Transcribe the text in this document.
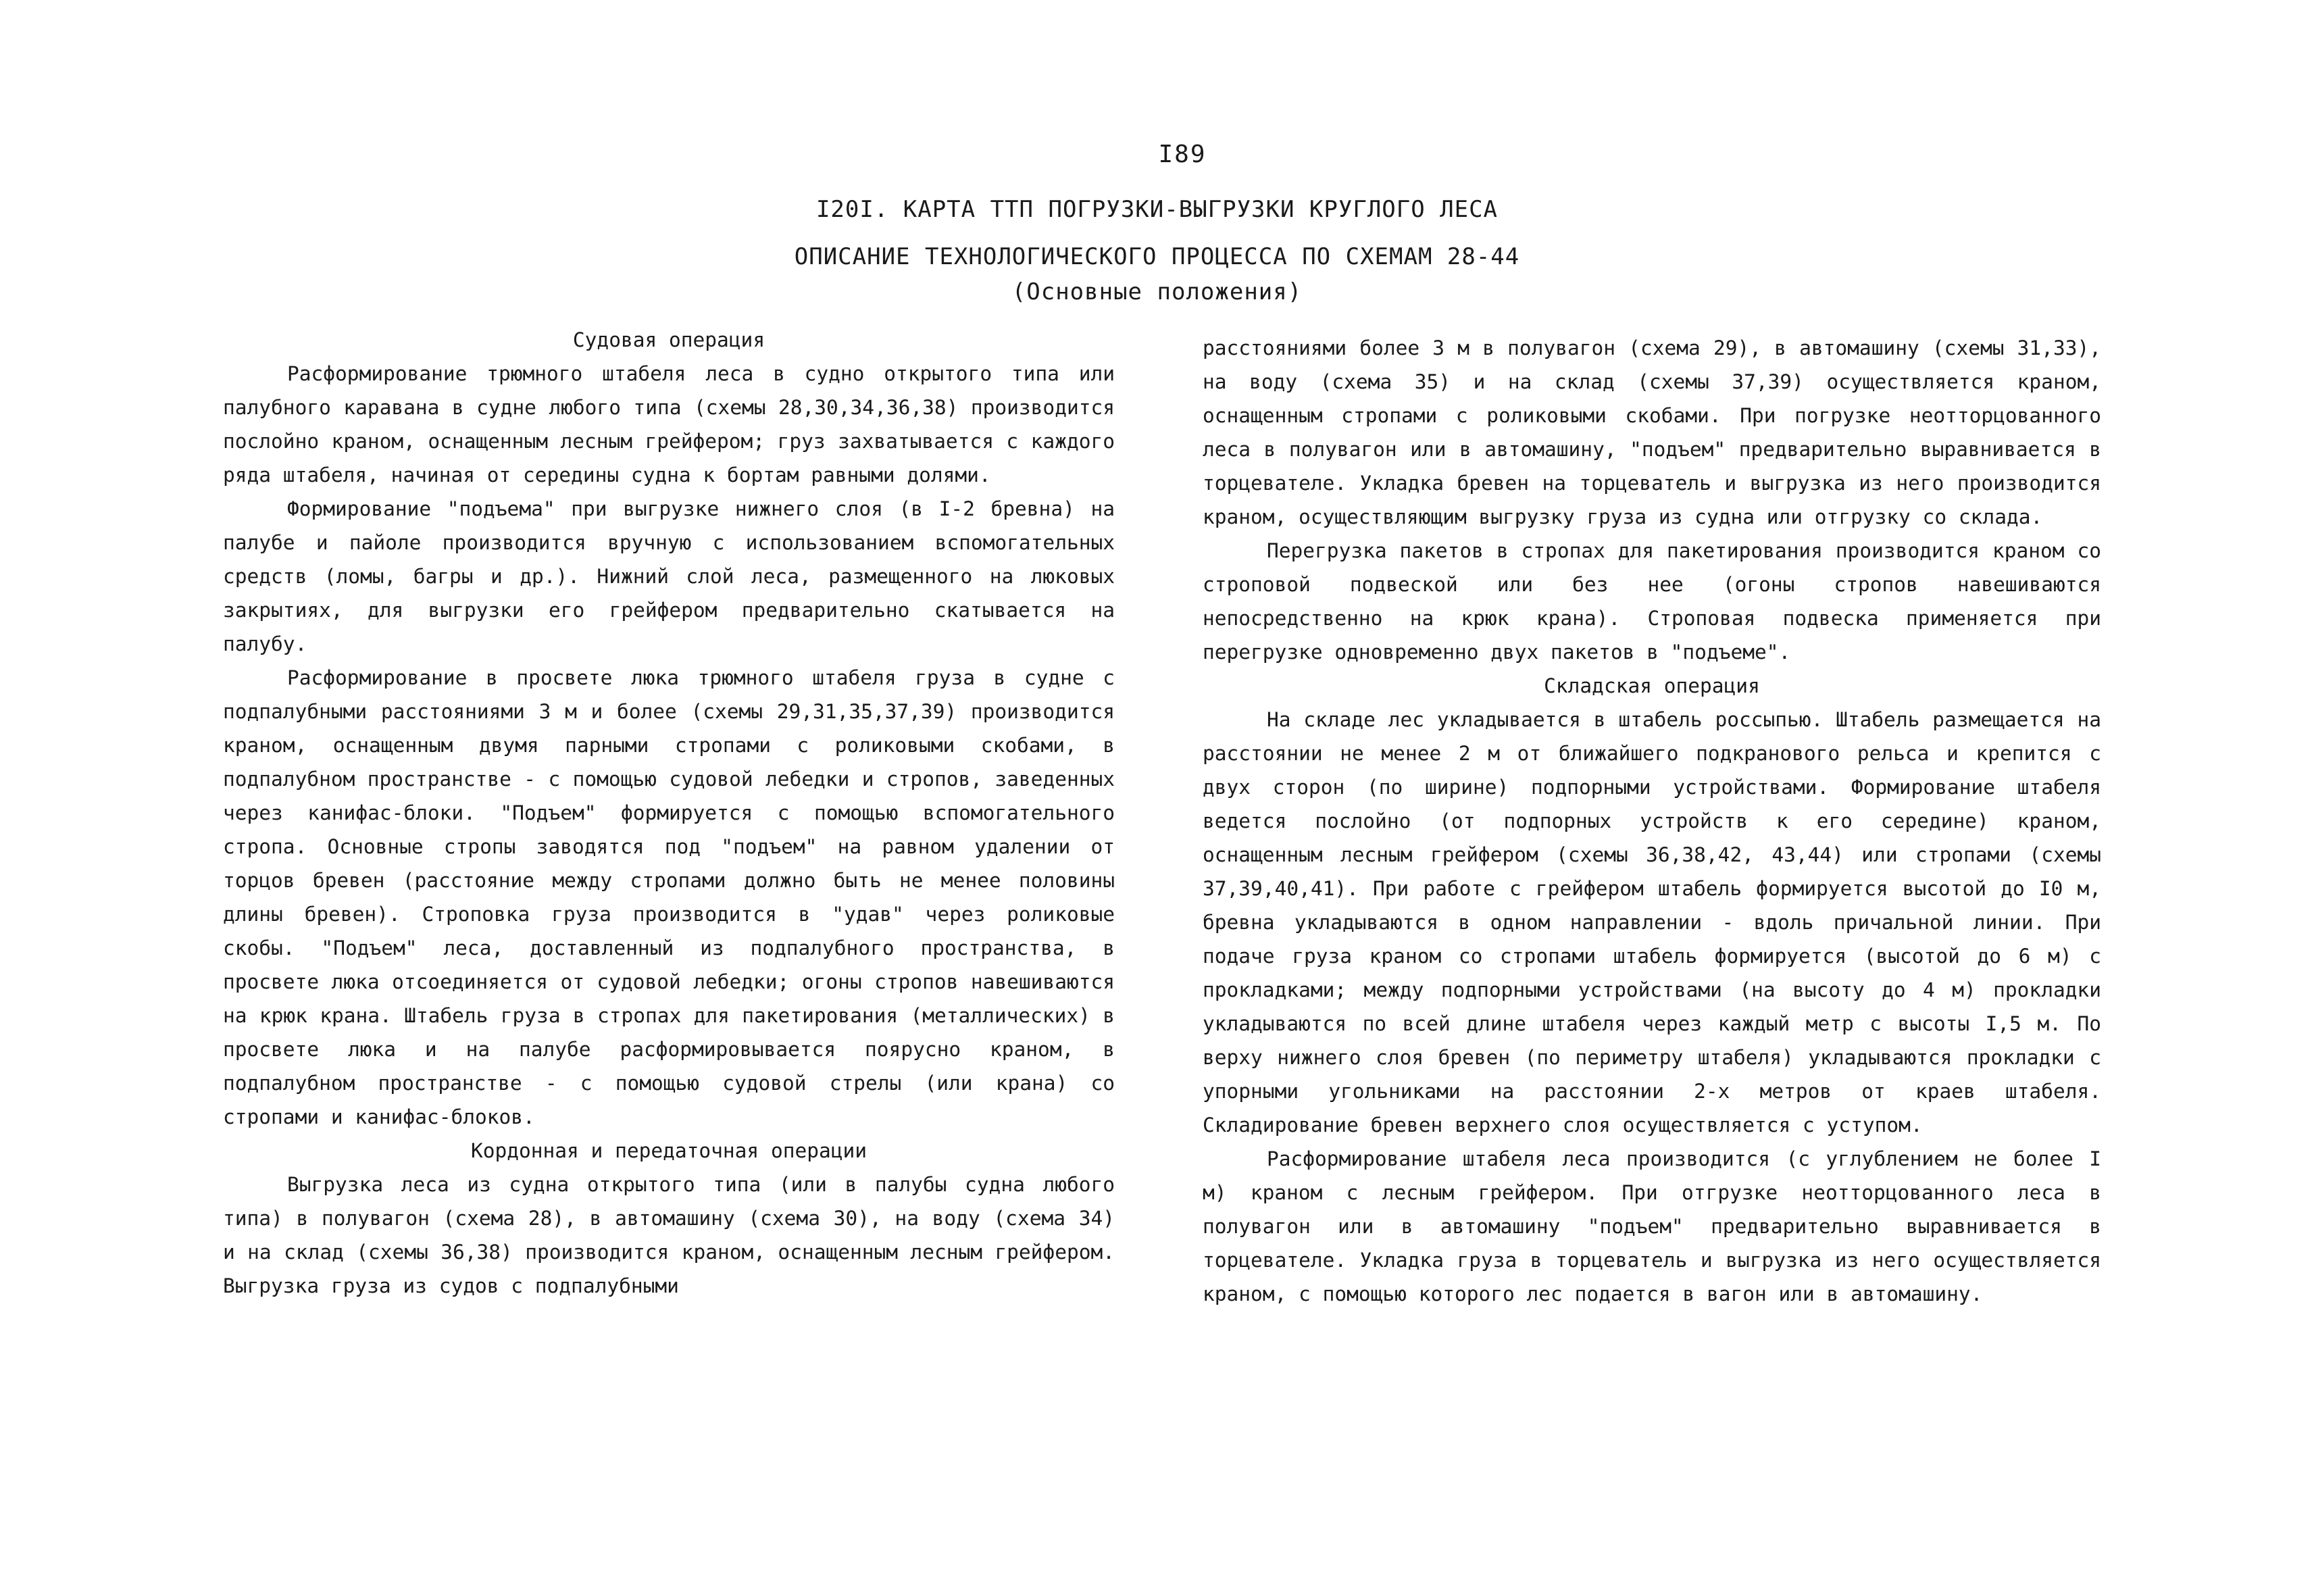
I89
I20I. КАРТА ТТП ПОГРУЗКИ-ВЫГРУЗКИ КРУГЛОГО ЛЕСА
ОПИСАНИЕ ТЕХНОЛОГИЧЕСКОГО ПРОЦЕССА ПО СХЕМАМ 28-44
(Основные положения)

Судовая операция

Расформирование трюмного штабеля леса в судно открытого типа или палубного каравана в судне любого типа (схемы 28,30,34,36,38) производится послойно краном, оснащенным лесным грейфером; груз захватывается с каждого ряда штабеля, начиная от середины судна к бортам равными долями.

Формирование "подъема" при выгрузке нижнего слоя (в I-2 бревна) на палубе и пайоле производится вручную с использованием вспомогательных средств (ломы, багры и др.). Нижний слой леса, размещенного на люковых закрытиях, для выгрузки его грейфером предварительно скатывается на палубу.

Расформирование в просвете люка трюмного штабеля груза в судне с подпалубными расстояниями 3 м и более (схемы 29,31,35,37,39) производится краном, оснащенным двумя парными стропами с роликовыми скобами, в подпалубном пространстве - с помощью судовой лебедки и стропов, заведенных через канифас-блоки. "Подъем" формируется с помощью вспомогательного стропа. Основные стропы заводятся под "подъем" на равном удалении от торцов бревен (расстояние между стропами должно быть не менее половины длины бревен). Строповка груза производится в "удав" через роликовые скобы. "Подъем" леса, доставленный из подпалубного пространства, в просвете люка отсоединяется от судовой лебедки; огоны стропов навешиваются на крюк крана. Штабель груза в стропах для пакетирования (металлических) в просвете люка и на палубе расформировывается поярусно краном, в подпалубном пространстве - с помощью судовой стрелы (или крана) со стропами и канифас-блоков.

Кордонная и передаточная операции

Выгрузка леса из судна открытого типа (или в палубы судна любого типа) в полувагон (схема 28), в автомашину (схема 30), на воду (схема 34) и на склад (схемы 36,38) производится краном, оснащенным лесным грейфером. Выгрузка груза из судов с подпалубными

расстояниями более 3 м в полувагон (схема 29), в автомашину (схемы 31,33), на воду (схема 35) и на склад (схемы 37,39) осуществляется краном, оснащенным стропами с роликовыми скобами. При погрузке неотторцованного леса в полувагон или в автомашину, "подъем" предварительно выравнивается в торцевателе. Укладка бревен на торцеватель и выгрузка из него производится краном, осуществляющим выгрузку груза из судна или отгрузку со склада.

Перегрузка пакетов в стропах для пакетирования производится краном со строповой подвеской или без нее (огоны стропов навешиваются непосредственно на крюк крана). Строповая подвеска применяется при перегрузке одновременно двух пакетов в "подъеме".

Складская операция

На складе лес укладывается в штабель россыпью. Штабель размещается на расстоянии не менее 2 м от ближайшего подкранового рельса и крепится с двух сторон (по ширине) подпорными устройствами. Формирование штабеля ведется послойно (от подпорных устройств к его середине) краном, оснащенным лесным грейфером (схемы 36,38,42, 43,44) или стропами (схемы 37,39,40,41). При работе с грейфером штабель формируется высотой до I0 м, бревна укладываются в одном направлении - вдоль причальной линии. При подаче груза краном со стропами штабель формируется (высотой до 6 м) с прокладками; между подпорными устройствами (на высоту до 4 м) прокладки укладываются по всей длине штабеля через каждый метр с высоты I,5 м. По верху нижнего слоя бревен (по периметру штабеля) укладываются прокладки с упорными угольниками на расстоянии 2-х метров от краев штабеля. Складирование бревен верхнего слоя осуществляется с уступом.

Расформирование штабеля леса производится (с углублением не более I м) краном с лесным грейфером. При отгрузке неотторцованного леса в полувагон или в автомашину "подъем" предварительно выравнивается в торцевателе. Укладка груза в торцеватель и выгрузка из него осуществляется краном, с помощью которого лес подается в вагон или в автомашину.
